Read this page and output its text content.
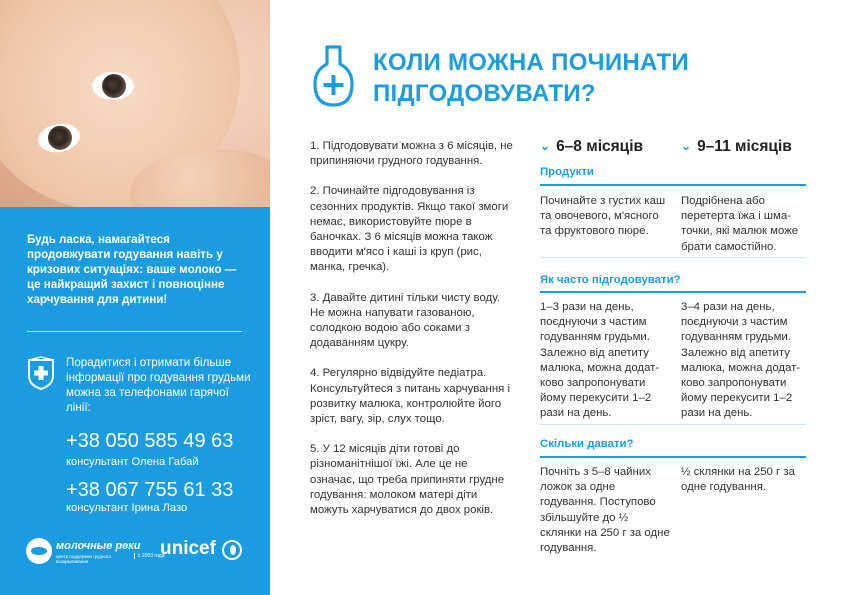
Будь ласка, намагайтеся продовжувати годування навіть у кризових ситуаціях: ваше молоко — це найкращий захист і повноцінне харчування для дитини!
Порадитися і отримати більше інформації про годування грудьми можна за телефонами гарячої лінії:
+38 050 585 49 63
консультант Олена Габай
+38 067 755 61 33
консультант Ірина Лазо
молочные реки
центр поддержки грудного вскармливания
с 2003 года
unicef
КОЛИ МОЖНА ПОЧИНАТИ
ПІДГОДОВУВАТИ?

1. Підгодовувати можна з 6 місяців, не припиняючи грудного годування.

2. Починайте підгодовування із сезонних продуктів. Якщо такої змоги немає, використовуйте пюре в баночках. З 6 місяців можна також вводити м'ясо і каші із круп (рис, манка, гречка).

3. Давайте дитині тільки чисту воду. Не можна напувати газованою, солодкою водою або соками з додаванням цукру.

4. Регулярно відвідуйте педіатра. Консультуйтеся з питань харчування і розвитку малюка, контролюйте його зріст, вагу, зір, слух тощо.

5. У 12 місяців діти готові до різноманітнішої їжі. Але це не означає, що треба припиняти грудне годування: молоком матері діти можуть харчуватися до двох років.

⌄ 6–8 місяців	⌄ 9–11 місяців
Продукти
Починайте з густих каш та овочевого, м'ясного та фруктового пюре.
Подрібнена або перетерта їжа і шма-точки, які малюк може брати самостійно.
Як часто підгодовувати?
1–3 рази на день, поєднуючи з частим годуванням грудьми. Залежно від апетиту малюка, можна додат-ково запропонувати йому перекусити 1–2 рази на день.
3–4 рази на день, поєднуючи з частим годуванням грудьми. Залежно від апетиту малюка, можна додат-ково запропонувати йому перекусити 1–2 рази на день.
Скільки давати?
Почніть з 5–8 чайних ложок за одне годування. Поступово збільшуйте до ½ склянки на 250 г за одне годування.
½ склянки на 250 г за одне годування.
